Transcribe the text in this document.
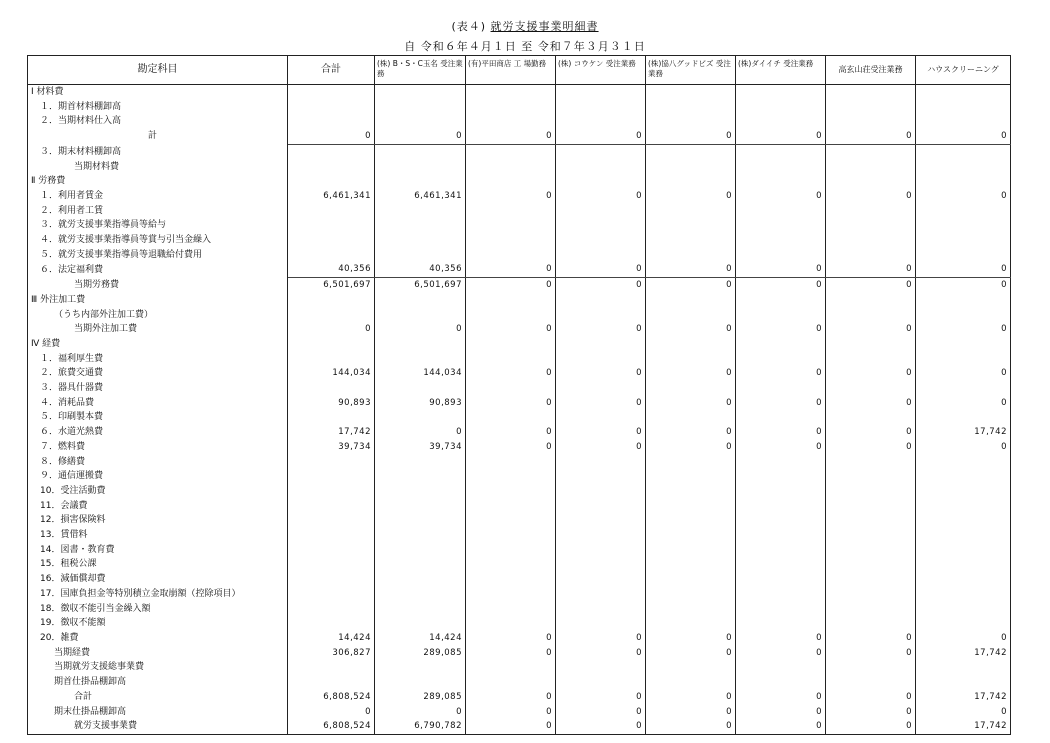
(表４) 就労支援事業明細書
自 令和６年４月１日 至 令和７年３月３１日
勘定科目	合計	(株) B・S・C玉名 受注業務	(有)平田商店 工 場勤務	(株) コウケン 受注業務	(株)協八グッドビズ 受注業務	(株)ダイイチ 受注業務	高玄山荘受注業務	ハウスクリーニング
Ⅰ 材料費								
１．期首材料棚卸高								
２．当期材料仕入高								
計	0	0	0	0	0	0	0	0
３．期末材料棚卸高								
当期材料費								
Ⅱ 労務費								
１．利用者賃金	6,461,341	6,461,341	0	0	0	0	0	0
２．利用者工賃								
３．就労支援事業指導員等給与								
４．就労支援事業指導員等賞与引当金繰入								
５．就労支援事業指導員等退職給付費用								
６．法定福利費	40,356	40,356	0	0	0	0	0	0
当期労務費	6,501,697	6,501,697	0	0	0	0	0	0
Ⅲ 外注加工費								
（うち内部外注加工費）								
当期外注加工費	0	0	0	0	0	0	0	0
Ⅳ 経費								
１．福利厚生費								
２．旅費交通費	144,034	144,034	0	0	0	0	0	0
３．器具什器費								
４．消耗品費	90,893	90,893	0	0	0	0	0	0
５．印刷製本費								
６．水道光熱費	17,742	0	0	0	0	0	0	17,742
７．燃料費	39,734	39,734	0	0	0	0	0	0
８．修繕費								
９．通信運搬費								
10．受注活動費								
11．会議費								
12．損害保険料								
13．賃借料								
14．図書・教育費								
15．租税公課								
16．減価償却費								
17．国庫負担金等特別積立金取崩額（控除項目）								
18．徴収不能引当金繰入額								
19．徴収不能額								
20．雑費	14,424	14,424	0	0	0	0	0	0
当期経費	306,827	289,085	0	0	0	0	0	17,742
当期就労支援総事業費								
期首仕掛品棚卸高								
合計	6,808,524	289,085	0	0	0	0	0	17,742
期末仕掛品棚卸高	0	0	0	0	0	0	0	0
就労支援事業費	6,808,524	6,790,782	0	0	0	0	0	17,742
